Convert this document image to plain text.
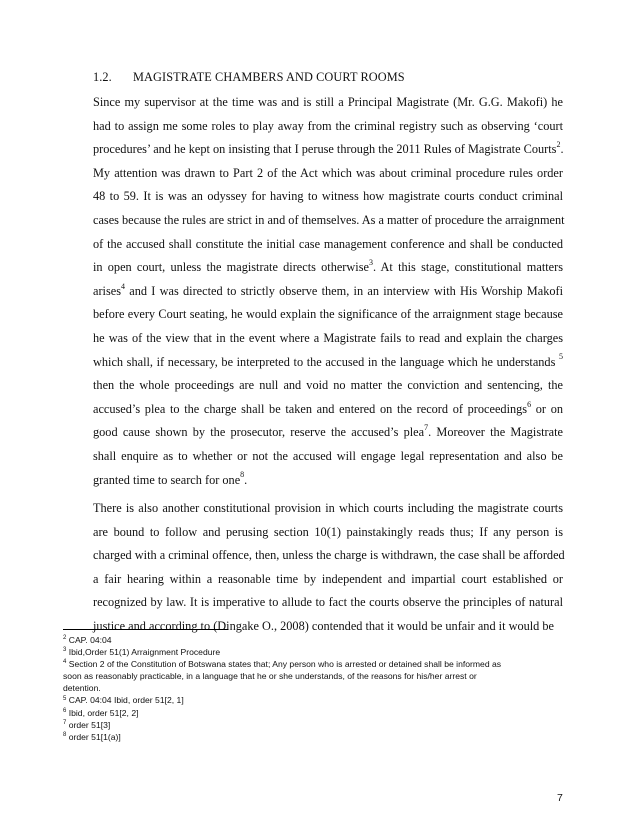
1.2. MAGISTRATE CHAMBERS AND COURT ROOMS
Since my supervisor at the time was and is still a Principal Magistrate (Mr. G.G. Makofi) he
had to assign me some roles to play away from the criminal registry such as observing ‘court
procedures’ and he kept on insisting that I peruse through the 2011 Rules of Magistrate Courts$^2$.
My attention was drawn to Part 2 of the Act which was about criminal procedure rules order
48 to 59. It is was an odyssey for having to witness how magistrate courts conduct criminal
cases because the rules are strict in and of themselves. As a matter of procedure the arraignment
of the accused shall constitute the initial case management conference and shall be conducted
in open court, unless the magistrate directs otherwise$^3$. At this stage, constitutional matters
arises$^4$ and I was directed to strictly observe them, in an interview with His Worship Makofi
before every Court seating, he would explain the significance of the arraignment stage because
he was of the view that in the event where a Magistrate fails to read and explain the charges
which shall, if necessary, be interpreted to the accused in the language which he understands $^5$
then the whole proceedings are null and void no matter the conviction and sentencing, the
accused’s plea to the charge shall be taken and entered on the record of proceedings$^6$ or on
good cause shown by the prosecutor, reserve the accused’s plea$^7$. Moreover the Magistrate
shall enquire as to whether or not the accused will engage legal representation and also be
granted time to search for one$^8$.
There is also another constitutional provision in which courts including the magistrate courts
are bound to follow and perusing section 10(1) painstakingly reads thus; If any person is
charged with a criminal offence, then, unless the charge is withdrawn, the case shall be afforded
a fair hearing within a reasonable time by independent and impartial court established or
recognized by law. It is imperative to allude to fact the courts observe the principles of natural
justice and according to (Dingake O., 2008) contended that it would be unfair and it would be
$^2$ CAP. 04:04
$^3$ Ibid,Order 51(1) Arraignment Procedure
$^4$ Section 2 of the Constitution of Botswana states that; Any person who is arrested or detained shall be informed as
soon as reasonably practicable, in a language that he or she understands, of the reasons for his/her arrest or
detention.
$^5$ CAP. 04:04 Ibid, order 51[2, 1]
$^6$ Ibid, order 51[2, 2]
$^7$ order 51[3]
$^8$ order 51[1(a)]
7
